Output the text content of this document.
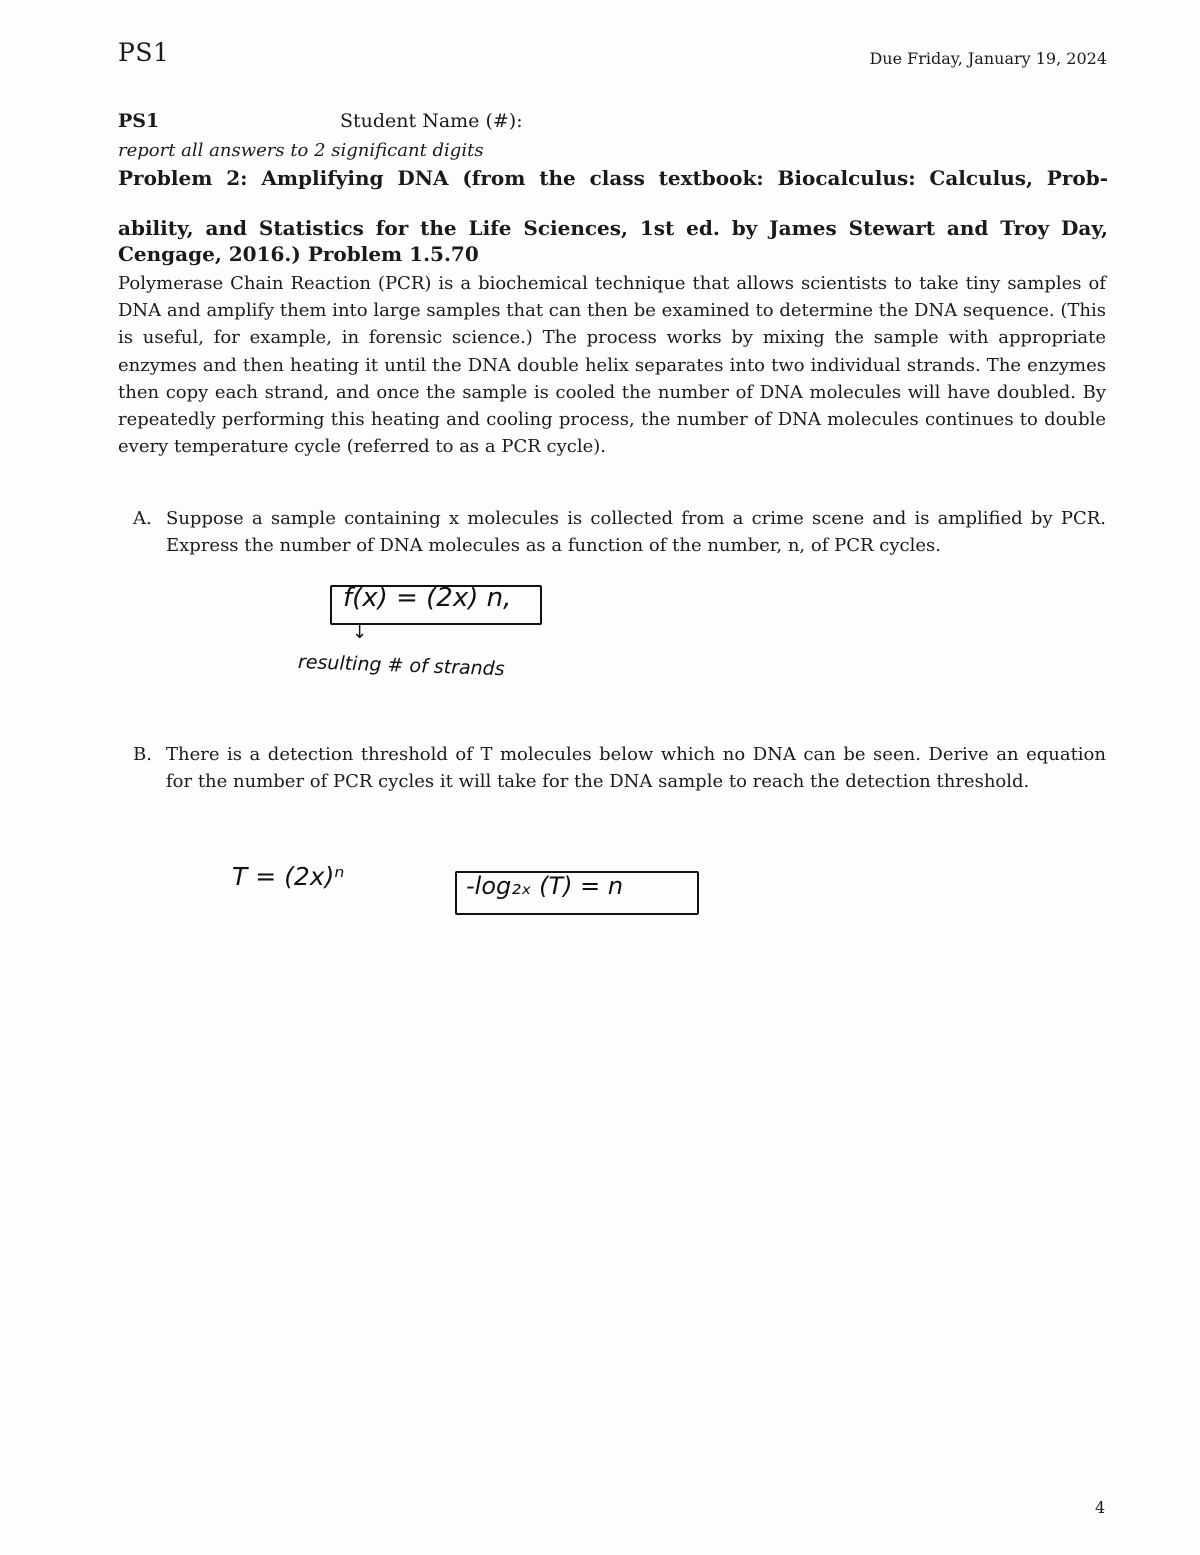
PS1	Due Friday, January 19, 2024
PS1	Student Name (#):
report all answers to 2 significant digits
Problem 2: Amplifying DNA (from the class textbook: Biocalculus: Calculus, Prob-
ability, and Statistics for the Life Sciences, 1st ed. by James Stewart and Troy Day, Cengage, 2016.) Problem 1.5.70

Polymerase Chain Reaction (PCR) is a biochemical technique that allows scientists to take tiny samples of DNA and amplify them into large samples that can then be examined to determine the DNA sequence. (This is useful, for example, in forensic science.) The process works by mixing the sample with appropriate enzymes and then heating it until the DNA double helix separates into two individual strands. The enzymes then copy each strand, and once the sample is cooled the number of DNA molecules will have doubled. By repeatedly performing this heating and cooling process, the number of DNA molecules continues to double every temperature cycle (referred to as a PCR cycle).

A. Suppose a sample containing x molecules is collected from a crime scene and is amplified by PCR. Express the number of DNA molecules as a function of the number, n, of PCR cycles.
f(x) = (2x) n,
↓
resulting # of strands
B. There is a detection threshold of T molecules below which no DNA can be seen. Derive an equation for the number of PCR cycles it will take for the DNA sample to reach the detection threshold.
T = (2x)ⁿ	-log₂ₓ (T) = n
4
